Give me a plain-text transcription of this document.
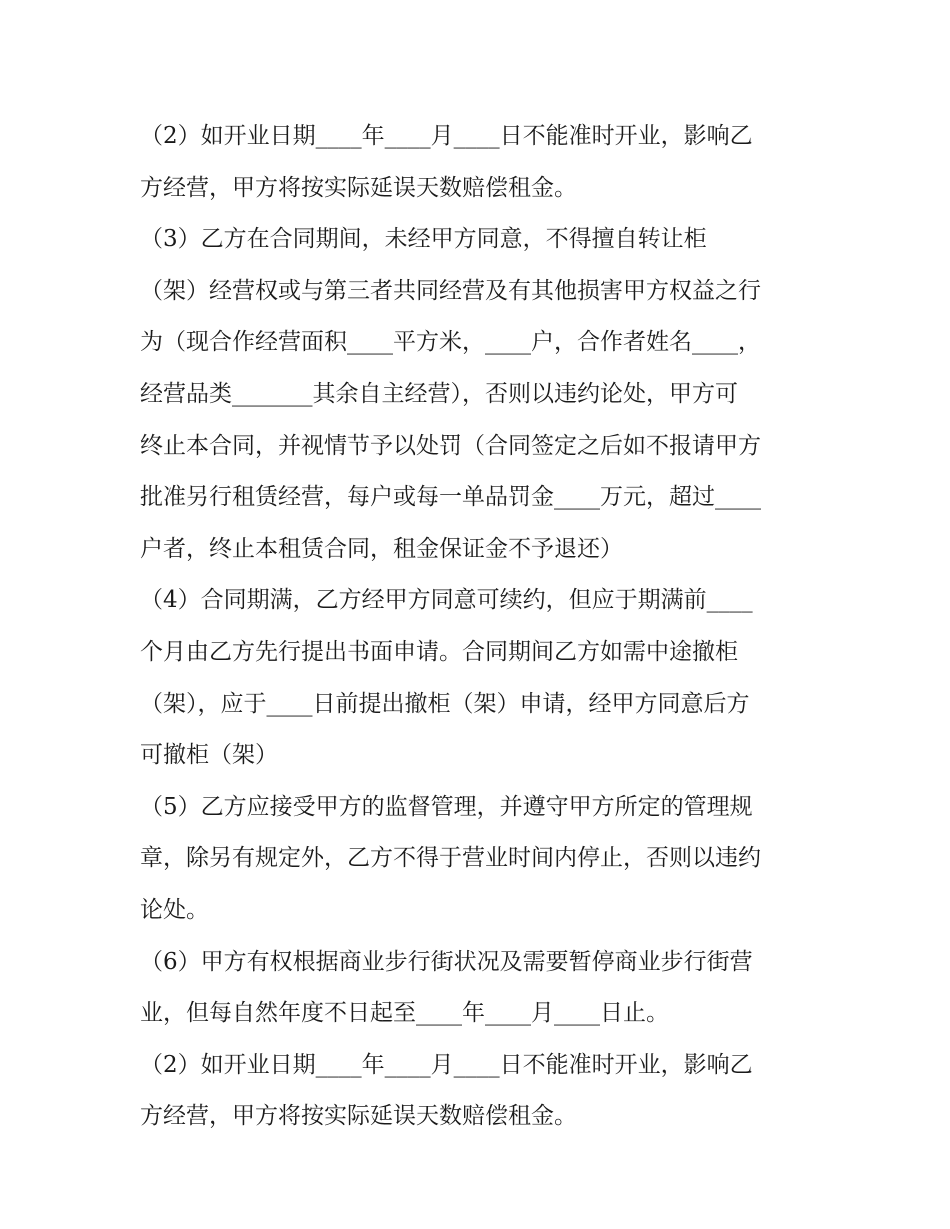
（2）如开业日期____年____月____日不能准时开业，影响乙
方经营，甲方将按实际延误天数赔偿租金。
（3）乙方在合同期间，未经甲方同意，不得擅自转让柜
（架）经营权或与第三者共同经营及有其他损害甲方权益之行
为（现合作经营面积____平方米，____户，合作者姓名____，
经营品类_______其余自主经营），否则以违约论处，甲方可
终止本合同，并视情节予以处罚（合同签定之后如不报请甲方
批准另行租赁经营，每户或每一单品罚金____万元，超过____
户者，终止本租赁合同，租金保证金不予退还）
（4）合同期满，乙方经甲方同意可续约，但应于期满前____
个月由乙方先行提出书面申请。合同期间乙方如需中途撤柜
（架），应于____日前提出撤柜（架）申请，经甲方同意后方
可撤柜（架）
（5）乙方应接受甲方的监督管理，并遵守甲方所定的管理规
章，除另有规定外，乙方不得于营业时间内停止，否则以违约
论处。
（6）甲方有权根据商业步行街状况及需要暂停商业步行街营
业，但每自然年度不日起至____年____月____日止。
（2）如开业日期____年____月____日不能准时开业，影响乙
方经营，甲方将按实际延误天数赔偿租金。
